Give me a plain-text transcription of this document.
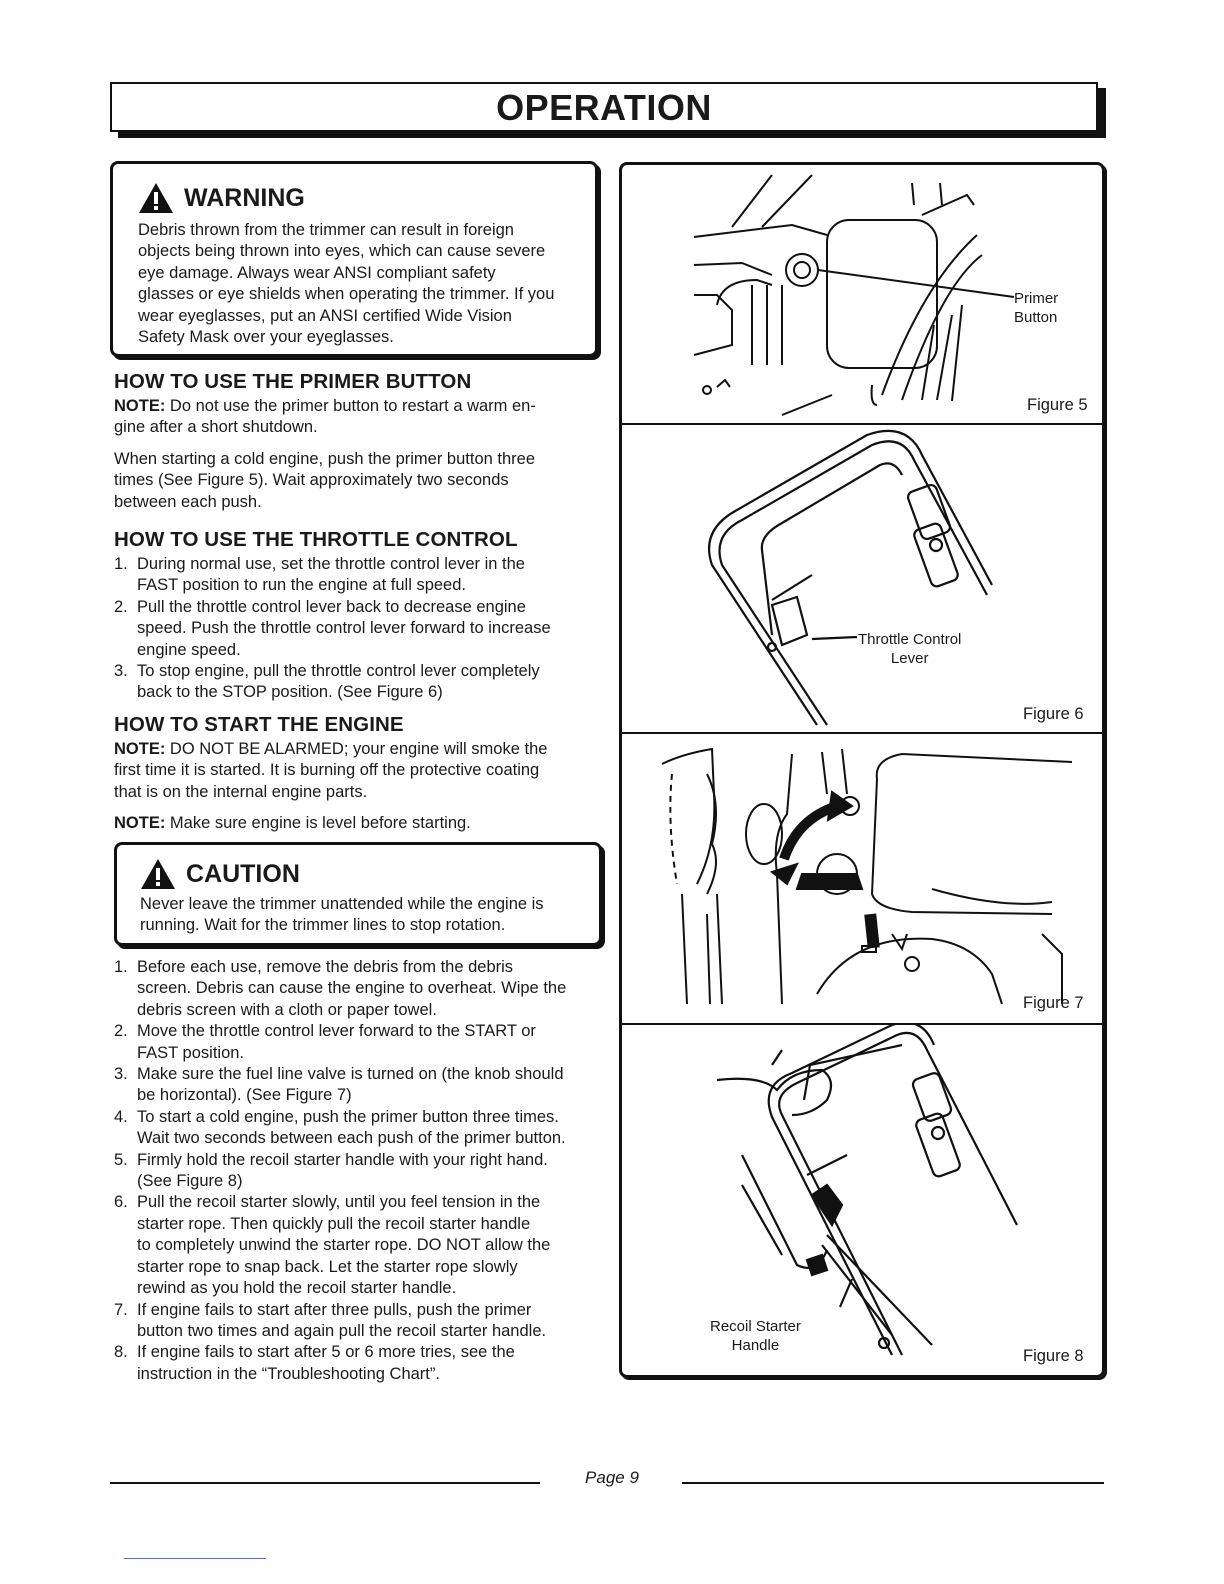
OPERATION
WARNING
Debris thrown from the trimmer can result in foreign
objects being thrown into eyes, which can cause severe
eye damage. Always wear ANSI compliant safety
glasses or eye shields when operating the trimmer. If you
wear eyeglasses, put an ANSI certified Wide Vision
Safety Mask over your eyeglasses.
HOW TO USE THE PRIMER BUTTON

NOTE: Do not use the primer button to restart a warm en-
gine after a short shutdown.

When starting a cold engine, push the primer button three
times (See Figure 5). Wait approximately two seconds
between each push.

HOW TO USE THE THROTTLE CONTROL
1. During normal use, set the throttle control lever in the
FAST position to run the engine at full speed.
2. Pull the throttle control lever back to decrease engine
speed. Push the throttle control lever forward to increase
engine speed.
3. To stop engine, pull the throttle control lever completely
back to the STOP position. (See Figure 6)
HOW TO START THE ENGINE

NOTE: DO NOT BE ALARMED; your engine will smoke the
first time it is started. It is burning off the protective coating
that is on the internal engine parts.

NOTE: Make sure engine is level before starting.

CAUTION
Never leave the trimmer unattended while the engine is
running. Wait for the trimmer lines to stop rotation.
1. Before each use, remove the debris from the debris
screen. Debris can cause the engine to overheat. Wipe the
debris screen with a cloth or paper towel.
2. Move the throttle control lever forward to the START or
FAST position.
3. Make sure the fuel line valve is turned on (the knob should
be horizontal). (See Figure 7)
4. To start a cold engine, push the primer button three times.
Wait two seconds between each push of the primer button.
5. Firmly hold the recoil starter handle with your right hand.
(See Figure 8)
6. Pull the recoil starter slowly, until you feel tension in the
starter rope. Then quickly pull the recoil starter handle
to completely unwind the starter rope. DO NOT allow the
starter rope to snap back. Let the starter rope slowly
rewind as you hold the recoil starter handle.
7. If engine fails to start after three pulls, push the primer
button two times and again pull the recoil starter handle.
8. If engine fails to start after 5 or 6 more tries, see the
instruction in the “Troubleshooting Chart”.
Primer
Button
Figure 5
Throttle Control
Lever
Figure 6
Figure 7
Recoil Starter
Handle
Figure 8
Page 9
